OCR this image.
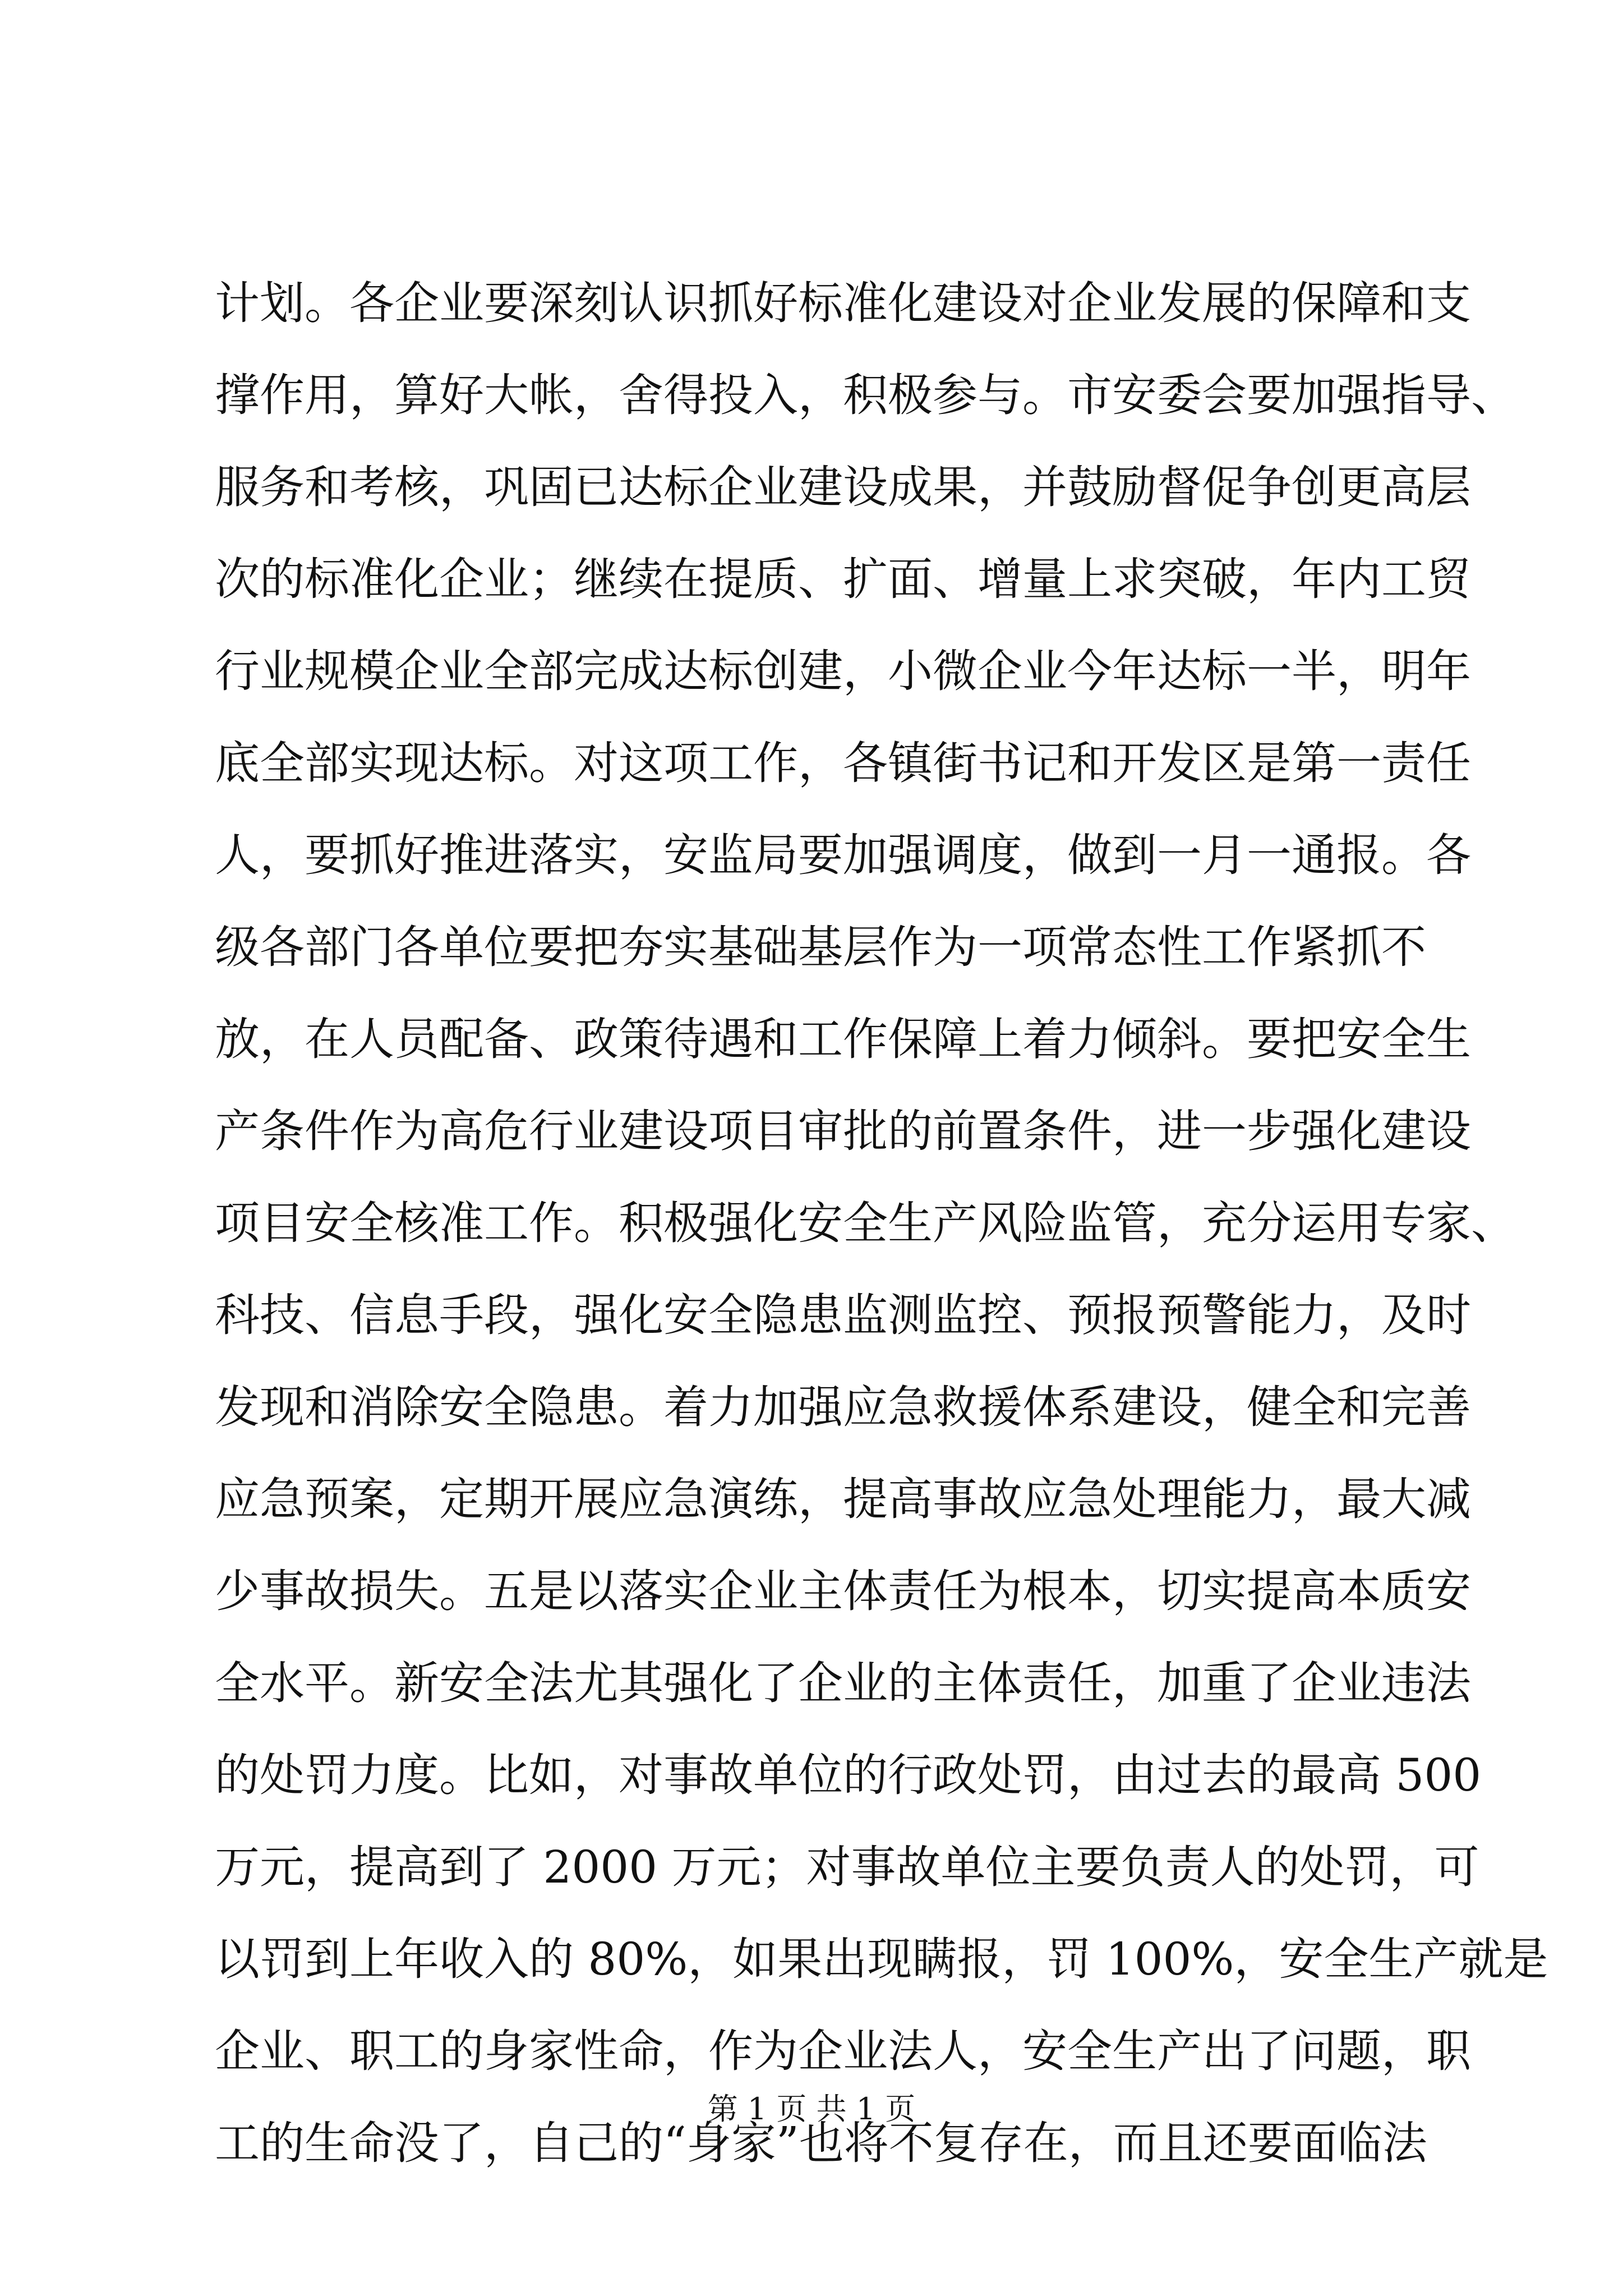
计划。各企业要深刻认识抓好标准化建设对企业发展的保障和支
撑作用，算好大帐，舍得投入，积极参与。市安委会要加强指导、
服务和考核，巩固已达标企业建设成果，并鼓励督促争创更高层
次的标准化企业；继续在提质、扩面、增量上求突破，年内工贸
行业规模企业全部完成达标创建，小微企业今年达标一半，明年
底全部实现达标。对这项工作，各镇街书记和开发区是第一责任
人，要抓好推进落实，安监局要加强调度，做到一月一通报。各
级各部门各单位要把夯实基础基层作为一项常态性工作紧抓不
放，在人员配备、政策待遇和工作保障上着力倾斜。要把安全生
产条件作为高危行业建设项目审批的前置条件，进一步强化建设
项目安全核准工作。积极强化安全生产风险监管，充分运用专家、
科技、信息手段，强化安全隐患监测监控、预报预警能力，及时
发现和消除安全隐患。着力加强应急救援体系建设，健全和完善
应急预案，定期开展应急演练，提高事故应急处理能力，最大减
少事故损失。五是以落实企业主体责任为根本，切实提高本质安
全水平。新安全法尤其强化了企业的主体责任，加重了企业违法
的处罚力度。比如，对事故单位的行政处罚，由过去的最高 500
万元，提高到了 2000 万元；对事故单位主要负责人的处罚，可
以罚到上年收入的 80%，如果出现瞒报，罚 100%，安全生产就是
企业、职工的身家性命，作为企业法人，安全生产出了问题，职
工的生命没了，自己的“身家”也将不复存在，而且还要面临法
第 1 页 共 1 页
